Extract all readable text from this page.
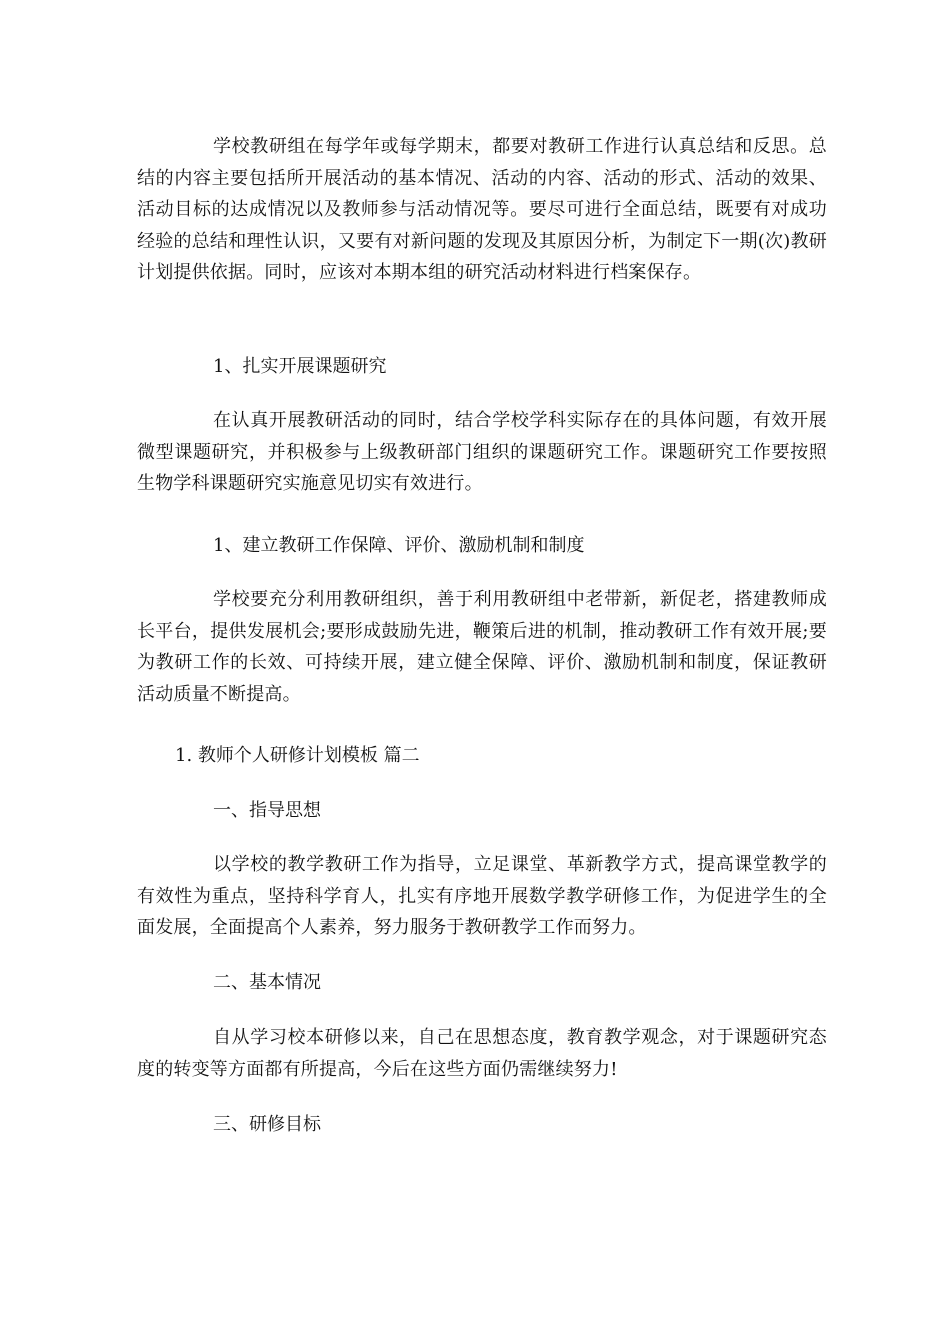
学校教研组在每学年或每学期末，都要对教研工作进行认真总结和反思。总结的内容主要包括所开展活动的基本情况、活动的内容、活动的形式、活动的效果、活动目标的达成情况以及教师参与活动情况等。要尽可进行全面总结，既要有对成功经验的总结和理性认识，又要有对新问题的发现及其原因分析，为制定下一期(次)教研计划提供依据。同时，应该对本期本组的研究活动材料进行档案保存。

1、扎实开展课题研究

在认真开展教研活动的同时，结合学校学科实际存在的具体问题，有效开展微型课题研究，并积极参与上级教研部门组织的课题研究工作。课题研究工作要按照生物学科课题研究实施意见切实有效进行。

1、建立教研工作保障、评价、激励机制和制度

学校要充分利用教研组织，善于利用教研组中老带新，新促老，搭建教师成长平台，提供发展机会;要形成鼓励先进，鞭策后进的机制，推动教研工作有效开展;要为教研工作的长效、可持续开展，建立健全保障、评价、激励机制和制度，保证教研活动质量不断提高。

1. 教师个人研修计划模板 篇二

一、指导思想

以学校的教学教研工作为指导，立足课堂、革新教学方式，提高课堂教学的有效性为重点，坚持科学育人，扎实有序地开展数学教学研修工作，为促进学生的全面发展，全面提高个人素养，努力服务于教研教学工作而努力。

二、基本情况

自从学习校本研修以来，自己在思想态度，教育教学观念，对于课题研究态度的转变等方面都有所提高，今后在这些方面仍需继续努力!

三、研修目标
